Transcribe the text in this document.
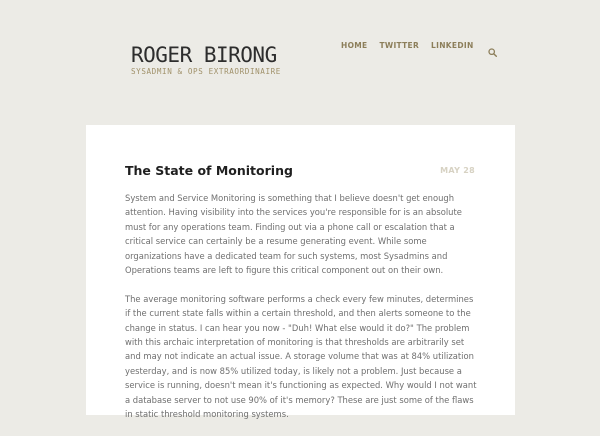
ROGER BIRONG
SYSADMIN & OPS EXTRAORDINAIRE
HOME TWITTER LINKEDIN
The State of Monitoring	MAY 28

System and Service Monitoring is something that I believe doesn't get enough attention. Having visibility into the services you're responsible for is an absolute must for any operations team. Finding out via a phone call or escalation that a critical service can certainly be a resume generating event. While some organizations have a dedicated team for such systems, most Sysadmins and Operations teams are left to figure this critical component out on their own.

The average monitoring software performs a check every few minutes, determines if the current state falls within a certain threshold, and then alerts someone to the change in status. I can hear you now - "Duh! What else would it do?" The problem with this archaic interpretation of monitoring is that thresholds are arbitrarily set and may not indicate an actual issue. A storage volume that was at 84% utilization yesterday, and is now 85% utilized today, is likely not a problem. Just because a service is running, doesn't mean it's functioning as expected. Why would I not want a database server to not use 90% of it's memory? These are just some of the flaws in static threshold monitoring systems.
